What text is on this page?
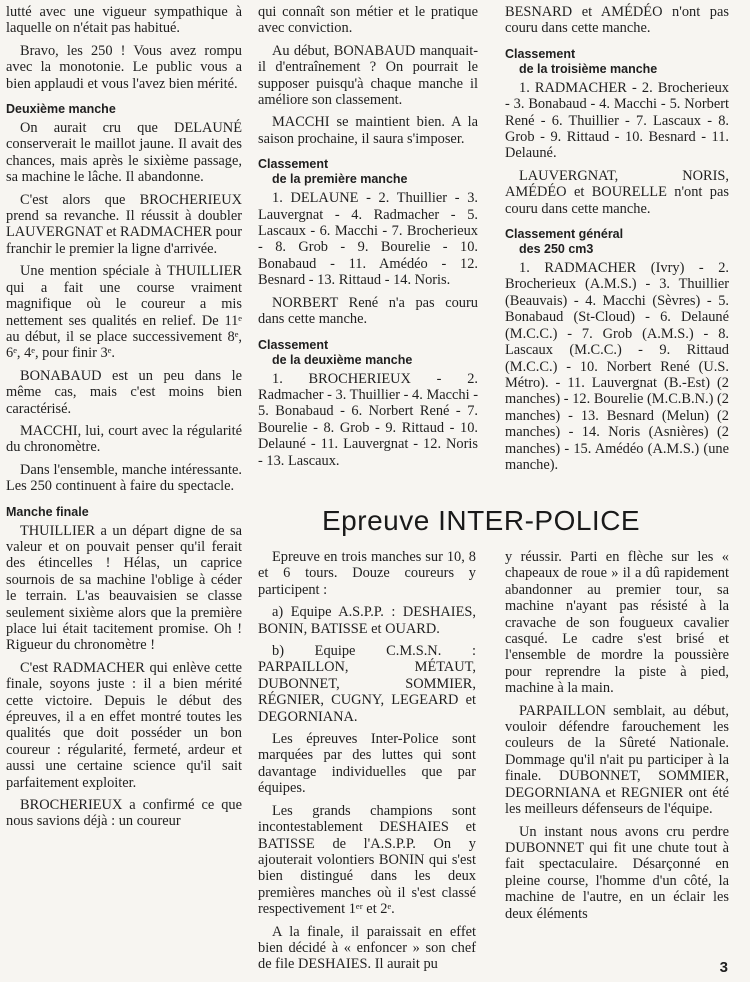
lutté avec une vigueur sympathique à laquelle on n'était pas habitué.

Bravo, les 250 ! Vous avez rompu avec la monotonie. Le public vous a bien applaudi et vous l'avez bien mérité.

Deuxième manche

On aurait cru que DELAUNÉ conserverait le maillot jaune. Il avait des chances, mais après le sixième passage, sa machine le lâche. Il abandonne.

C'est alors que BROCHERIEUX prend sa revanche. Il réussit à doubler LAUVERGNAT et RADMACHER pour franchir le premier la ligne d'arrivée.

Une mention spéciale à THUILLIER qui a fait une course vraiment magnifique où le coureur a mis nettement ses qualités en relief. De 11ᵉ au début, il se place successivement 8ᵉ, 6ᵉ, 4ᵉ, pour finir 3ᵉ.

BONABAUD est un peu dans le même cas, mais c'est moins bien caractérisé.

MACCHI, lui, court avec la régularité du chronomètre.

Dans l'ensemble, manche intéressante. Les 250 continuent à faire du spectacle.

Manche finale

THUILLIER a un départ digne de sa valeur et on pouvait penser qu'il ferait des étincelles ! Hélas, un caprice sournois de sa machine l'oblige à céder le terrain. L'as beauvaisien se classe seulement sixième alors que la première place lui était tacitement promise. Oh ! Rigueur du chronomètre !

C'est RADMACHER qui enlève cette finale, soyons juste : il a bien mérité cette victoire. Depuis le début des épreuves, il a en effet montré toutes les qualités que doit posséder un bon coureur : régularité, fermeté, ardeur et aussi une certaine science qu'il sait parfaitement exploiter.

BROCHERIEUX a confirmé ce que nous savions déjà : un coureur

qui connaît son métier et le pratique avec conviction.

Au début, BONABAUD manquait-il d'entraînement ? On pourrait le supposer puisqu'à chaque manche il améliore son classement.

MACCHI se maintient bien. A la saison prochaine, il saura s'imposer.

Classement
de la première manche

1. DELAUNE - 2. Thuillier - 3. Lauvergnat - 4. Radmacher - 5. Lascaux - 6. Macchi - 7. Brocherieux - 8. Grob - 9. Bourelie - 10. Bonabaud - 11. Amédéo - 12. Besnard - 13. Rittaud - 14. Noris.

NORBERT René n'a pas couru dans cette manche.

Classement
de la deuxième manche

1. BROCHERIEUX - 2. Radmacher - 3. Thuillier - 4. Macchi - 5. Bonabaud - 6. Norbert René - 7. Bourelie - 8. Grob - 9. Rittaud - 10. Delauné - 11. Lauvergnat - 12. Noris - 13. Lascaux.

BESNARD et AMÉDÉO n'ont pas couru dans cette manche.

Classement
de la troisième manche

1. RADMACHER - 2. Brocherieux - 3. Bonabaud - 4. Macchi - 5. Norbert René - 6. Thuillier - 7. Lascaux - 8. Grob - 9. Rittaud - 10. Besnard - 11. Delauné.

LAUVERGNAT, NORIS, AMÉDÉO et BOURELLE n'ont pas couru dans cette manche.

Classement général
des 250 cm3

1. RADMACHER (Ivry) - 2. Brocherieux (A.M.S.) - 3. Thuillier (Beauvais) - 4. Macchi (Sèvres) - 5. Bonabaud (St-Cloud) - 6. Delauné (M.C.C.) - 7. Grob (A.M.S.) - 8. Lascaux (M.C.C.) - 9. Rittaud (M.C.C.) - 10. Norbert René (U.S. Métro). - 11. Lauvergnat (B.-Est) (2 manches) - 12. Bourelie (M.C.B.N.) (2 manches) - 13. Besnard (Melun) (2 manches) - 14. Noris (Asnières) (2 manches) - 15. Amédéo (A.M.S.) (une manche).

Epreuve INTER-POLICE

Epreuve en trois manches sur 10, 8 et 6 tours. Douze coureurs y participent :

a) Equipe A.S.P.P. : DESHAIES, BONIN, BATISSE et OUARD.

b) Equipe C.M.S.N. : PARPAILLON, MÉTAUT, DUBONNET, SOMMIER, RÉGNIER, CUGNY, LEGEARD et DEGORNIANA.

Les épreuves Inter-Police sont marquées par des luttes qui sont davantage individuelles que par équipes.

Les grands champions sont incontestablement DESHAIES et BATISSE de l'A.S.P.P. On y ajouterait volontiers BONIN qui s'est bien distingué dans les deux premières manches où il s'est classé respectivement 1ᵉʳ et 2ᵉ.

A la finale, il paraissait en effet bien décidé à « enfoncer » son chef de file DESHAIES. Il aurait pu

y réussir. Parti en flèche sur les « chapeaux de roue » il a dû rapidement abandonner au premier tour, sa machine n'ayant pas résisté à la cravache de son fougueux cavalier casqué. Le cadre s'est brisé et l'ensemble de mordre la poussière pour reprendre la piste à pied, machine à la main.

PARPAILLON semblait, au début, vouloir défendre farouchement les couleurs de la Sûreté Nationale. Dommage qu'il n'ait pu participer à la finale. DUBONNET, SOMMIER, DEGORNIANA et REGNIER ont été les meilleurs défenseurs de l'équipe.

Un instant nous avons cru perdre DUBONNET qui fit une chute tout à fait spectaculaire. Désarçonné en pleine course, l'homme d'un côté, la machine de l'autre, en un éclair les deux éléments

3
